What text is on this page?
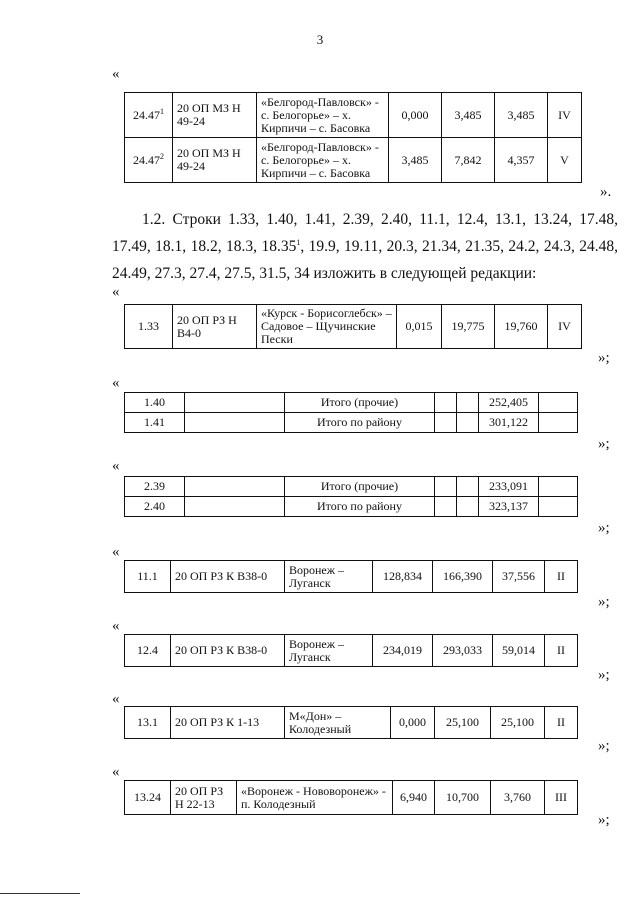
3
«
24.47$^1$	20 ОП МЗ Н 49-24	«Белгород-Павловск» - с. Белогорье» – х. Кирпичи – с. Басовка	0,000	3,485	3,485	IV
24.47$^2$	20 ОП МЗ Н 49-24	«Белгород-Павловск» - с. Белогорье» – х. Кирпичи – с. Басовка	3,485	7,842	4,357	V
».
1.2. Строки 1.33, 1.40, 1.41, 2.39, 2.40, 11.1, 12.4, 13.1, 13.24, 17.48, 17.49, 18.1, 18.2, 18.3, 18.35$^1$, 19.9, 19.11, 20.3, 21.34, 21.35, 24.2, 24.3, 24.48, 24.49, 27.3, 27.4, 27.5, 31.5, 34 изложить в следующей редакции:
«
1.33	20 ОП РЗ Н В4-0	«Курск - Борисоглебск» – Садовое – Щучинские Пески	0,015	19,775	19,760	IV
»;
«
1.40		Итого (прочие)			252,405	
1.41		Итого по району			301,122	
»;
«
2.39		Итого (прочие)			233,091	
2.40		Итого по району			323,137	
»;
«
11.1	20 ОП РЗ К В38-0	Воронеж – Луганск	128,834	166,390	37,556	II
»;
«
12.4	20 ОП РЗ К В38-0	Воронеж – Луганск	234,019	293,033	59,014	II
»;
«
13.1	20 ОП РЗ К 1-13	М«Дон» – Колодезный	0,000	25,100	25,100	II
»;
«
13.24	20 ОП РЗ Н 22-13	«Воронеж - Нововоронеж» - п. Колодезный	6,940	10,700	3,760	III
»;
